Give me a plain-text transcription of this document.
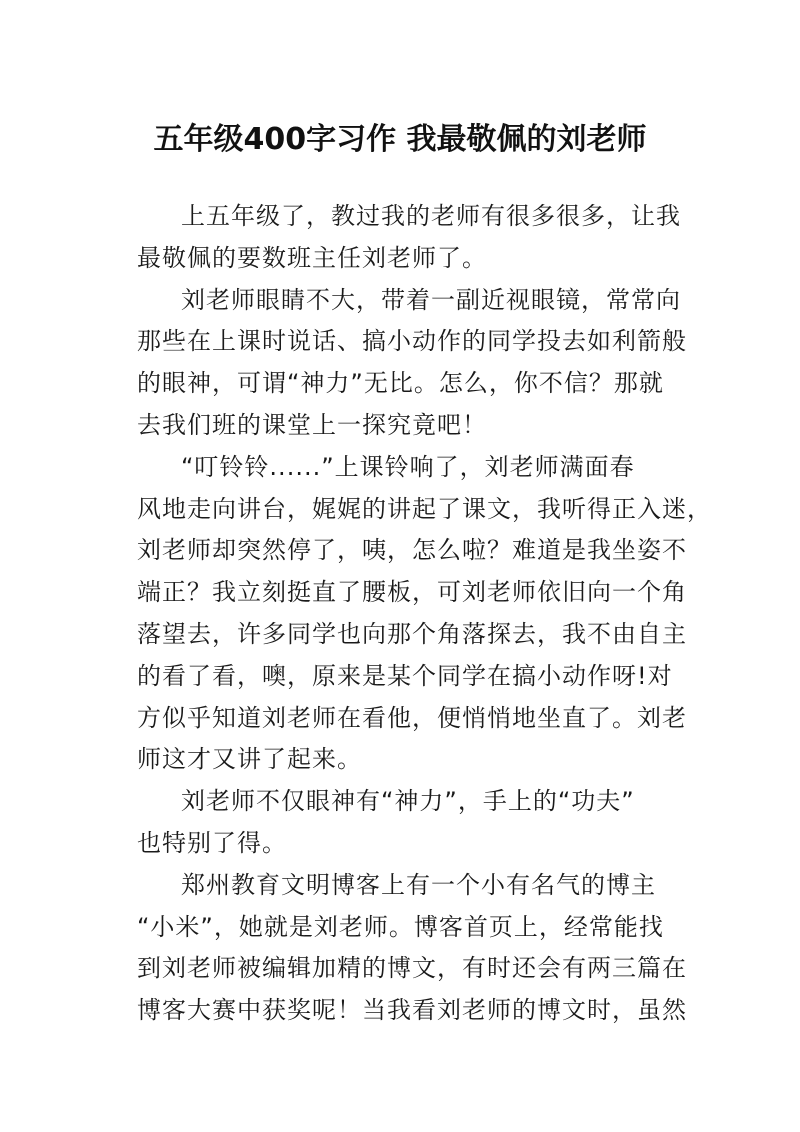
五年级400字习作 我最敬佩的刘老师
上五年级了，教过我的老师有很多很多，让我
最敬佩的要数班主任刘老师了。
刘老师眼睛不大，带着一副近视眼镜，常常向
那些在上课时说话、搞小动作的同学投去如利箭般
的眼神，可谓“神力”无比。怎么，你不信？那就
去我们班的课堂上一探究竟吧！
“叮铃铃......”上课铃响了，刘老师满面春
风地走向讲台，娓娓的讲起了课文，我听得正入迷，
刘老师却突然停了，咦，怎么啦？难道是我坐姿不
端正？我立刻挺直了腰板，可刘老师依旧向一个角
落望去，许多同学也向那个角落探去，我不由自主
的看了看，噢，原来是某个同学在搞小动作呀!对
方似乎知道刘老师在看他，便悄悄地坐直了。刘老
师这才又讲了起来。
刘老师不仅眼神有“神力”，手上的“功夫”
也特别了得。
郑州教育文明博客上有一个小有名气的博主
“小米”，她就是刘老师。博客首页上，经常能找
到刘老师被编辑加精的博文，有时还会有两三篇在
博客大赛中获奖呢！当我看刘老师的博文时，虽然
